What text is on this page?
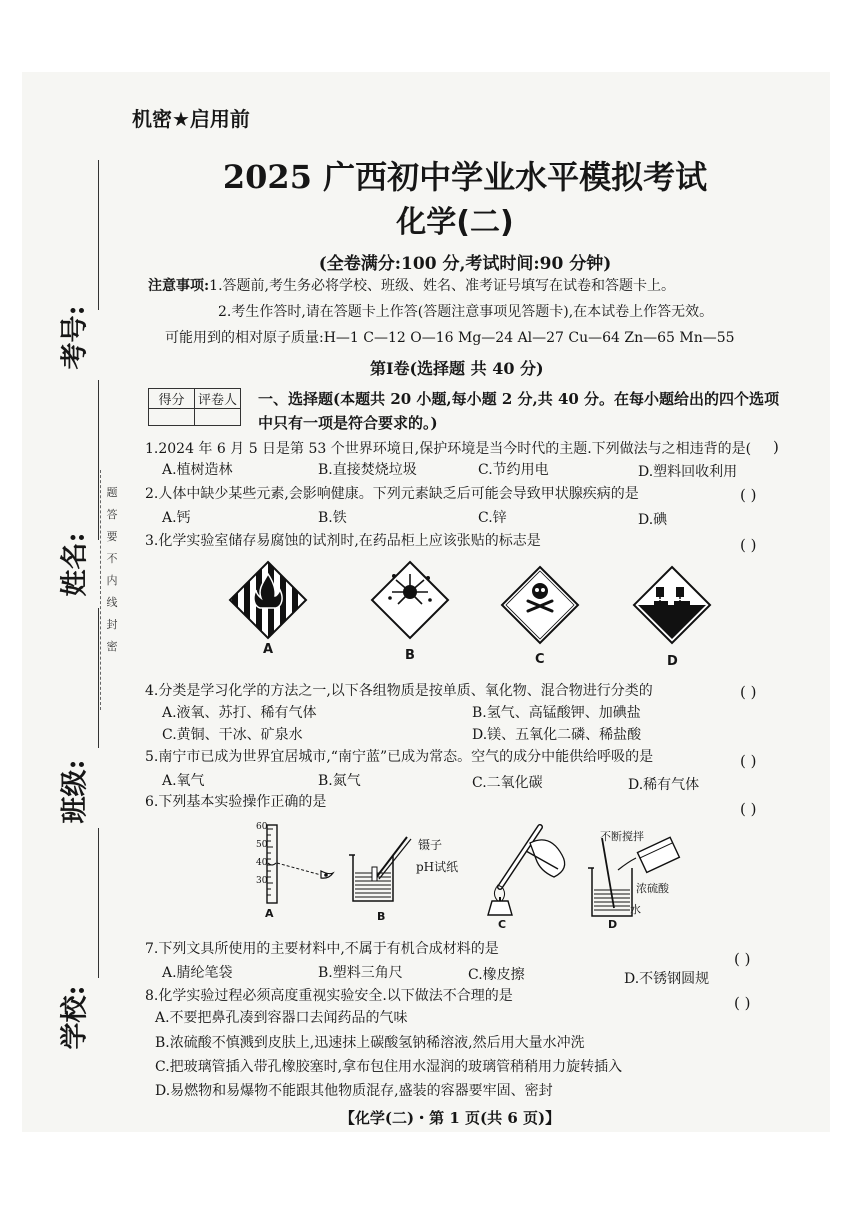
考号:
姓名:
班级:
学校:
题
答
要
不
内
线
封
密
机密★启用前
2025 广西初中学业水平模拟考试
化学(二)
(全卷满分:100 分,考试时间:90 分钟)
注意事项:1.答题前,考生务必将学校、班级、姓名、准考证号填写在试卷和答题卡上。
2.考生作答时,请在答题卡上作答(答题注意事项见答题卡),在本试卷上作答无效。
可能用到的相对原子质量:H—1 C—12 O—16 Mg—24 Al—27 Cu—64 Zn—65 Mn—55
第Ⅰ卷(选择题 共 40 分)
得分	评卷人
	一、选择题(本题共 20 小题,每小题 2 分,共 40 分。在每小题给出的四个选项
中只有一项是符合要求的。)
1.2024 年 6 月 5 日是第 53 个世界环境日,保护环境是当今时代的主题.下列做法与之相违背的是( )
A.植树造林	B.直接焚烧垃圾	C.节约用电	D.塑料回收利用
2.人体中缺少某些元素,会影响健康。下列元素缺乏后可能会导致甲状腺疾病的是	( )
A.钙	B.铁	C.锌	D.碘
3.化学实验室储存易腐蚀的试剂时,在药品柜上应该张贴的标志是	( )
A	B	C	D
4.分类是学习化学的方法之一,以下各组物质是按单质、氧化物、混合物进行分类的	( )
A.液氧、苏打、稀有气体	B.氢气、高锰酸钾、加碘盐
C.黄铜、干冰、矿泉水	D.镁、五氧化二磷、稀盐酸
5.南宁市已成为世界宜居城市,“南宁蓝”已成为常态。空气的成分中能供给呼吸的是	( )
A.氧气	B.氮气	C.二氧化碳	D.稀有气体
6.下列基本实验操作正确的是	( )
60
50
40
30
镊子
pH试纸
不断搅拌
浓硫酸
水
A	B
C	D
7.下列文具所使用的主要材料中,不属于有机合成材料的是
( )
A.腈纶笔袋	B.塑料三角尺	C.橡皮擦	D.不锈钢圆规
8.化学实验过程必须高度重视实验安全.以下做法不合理的是	( )
A.不要把鼻孔凑到容器口去闻药品的气味
B.浓硫酸不慎溅到皮肤上,迅速抹上碳酸氢钠稀溶液,然后用大量水冲洗
C.把玻璃管插入带孔橡胶塞时,拿布包住用水湿润的玻璃管稍稍用力旋转插入
D.易燃物和易爆物不能跟其他物质混存,盛装的容器要牢固、密封
【化学(二)・第 1 页(共 6 页)】
